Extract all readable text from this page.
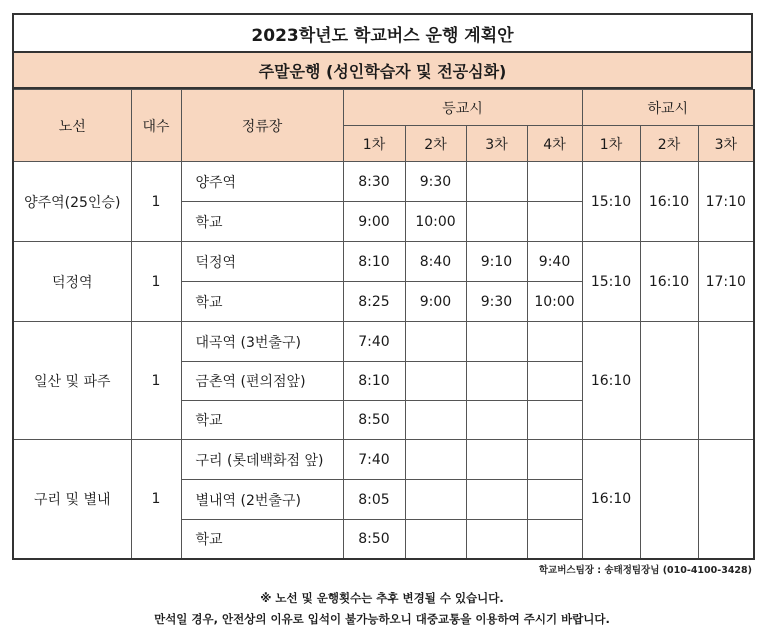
2023학년도 학교버스 운행 계획안
주말운행 (성인학습자 및 전공심화)
노선	대수	정류장	등교시				하교시		
			1차	2차	3차	4차	1차	2차	3차
양주역(25인승)	1	양주역	8:30	9:30			15:10	16:10	17:10
		학교	9:00	10:00					
덕정역	1	덕정역	8:10	8:40	9:10	9:40	15:10	16:10	17:10
		학교	8:25	9:00	9:30	10:00			
일산 및 파주	1	대곡역 (3번출구)	7:40				16:10		
		금촌역 (편의점앞)	8:10						
		학교	8:50						
구리 및 별내	1	구리 (롯데백화점 앞)	7:40				16:10		
		별내역 (2번출구)	8:05						
		학교	8:50						
학교버스팀장 : 송태정팀장님 (010-4100-3428)
※ 노선 및 운행횟수는 추후 변경될 수 있습니다.
만석일 경우, 안전상의 이유로 입석이 불가능하오니 대중교통을 이용하여 주시기 바랍니다.
